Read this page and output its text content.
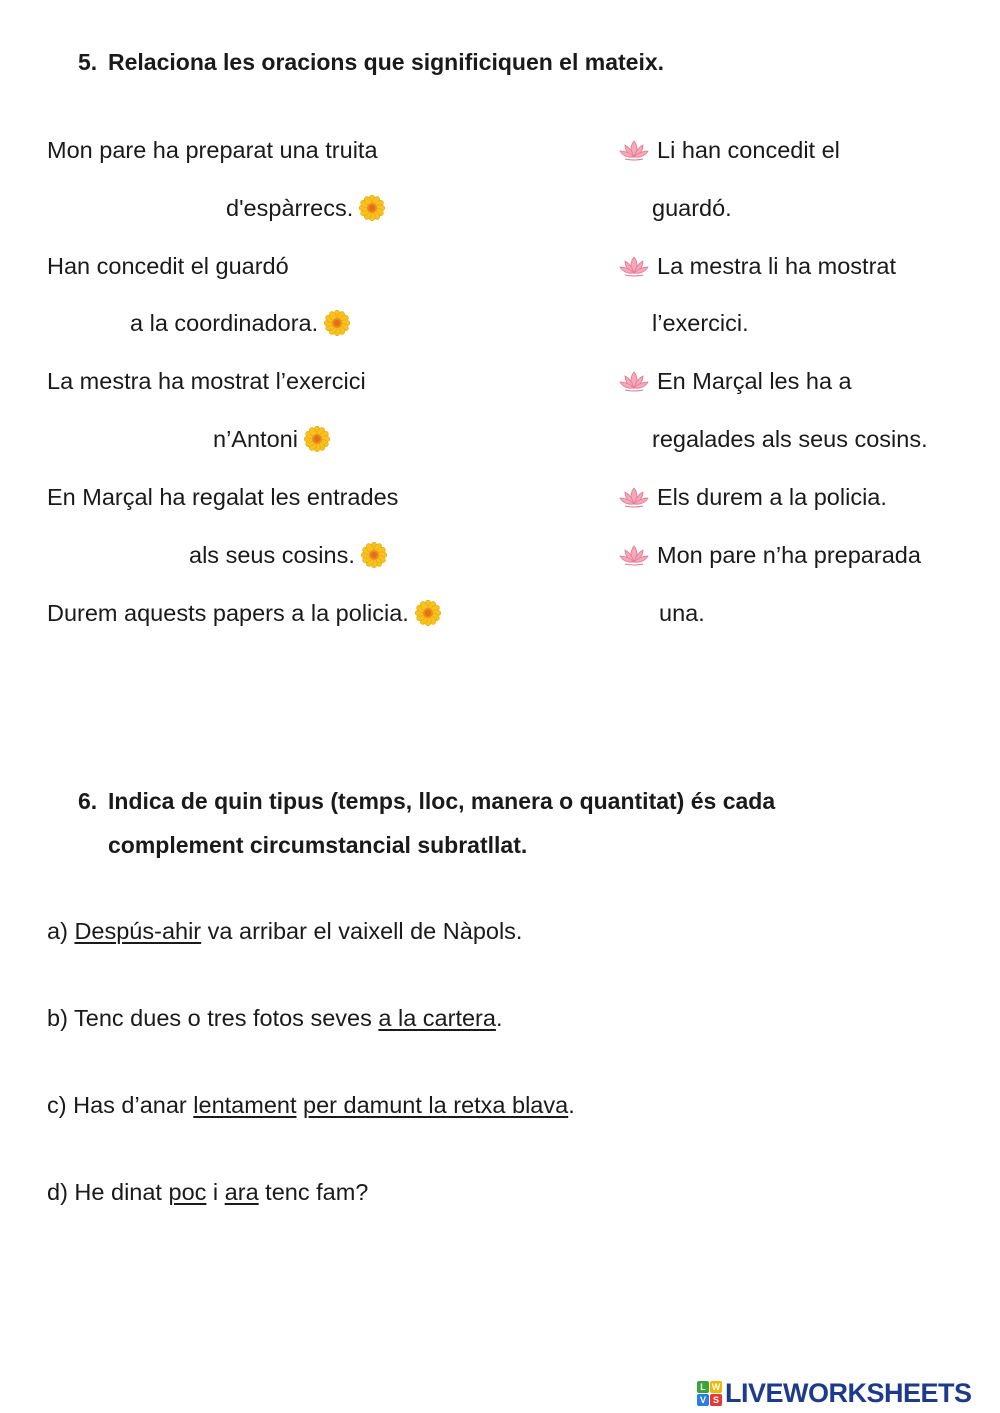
5. Relaciona les oracions que significiquen el mateix.
Mon pare ha preparat una truita
d'espàrrecs.
Han concedit el guardó
a la coordinadora.
La mestra ha mostrat l’exercici
n’Antoni
En Marçal ha regalat les entrades
als seus cosins.
Durem aquests papers a la policia.
Li han concedit el
guardó.
La mestra li ha mostrat
l’exercici.
En Marçal les ha a
regalades als seus cosins.
Els durem a la policia.
Mon pare n’ha preparada
una.
6. Indica de quin tipus (temps, lloc, manera o quantitat) és cada
complement circumstancial subratllat.
a) Despús-ahir va arribar el vaixell de Nàpols.
b) Tenc dues o tres fotos seves a la cartera.
c) Has d’anar lentament per damunt la retxa blava.
d) He dinat poc i ara tenc fam?
L W
V S LIVEWORKSHEETS
